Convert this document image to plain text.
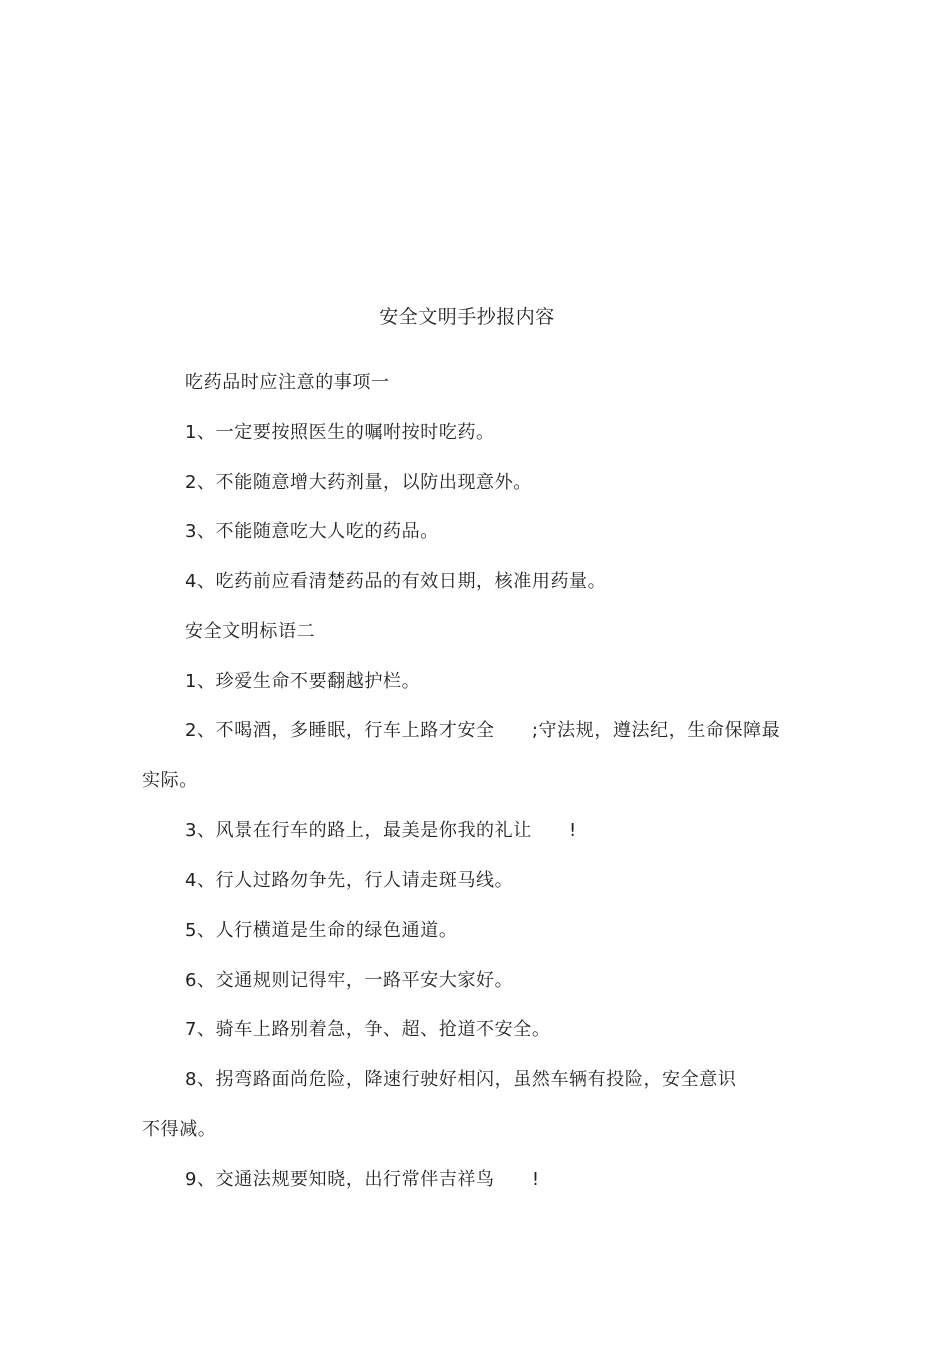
安全文明手抄报内容
吃药品时应注意的事项一
1、一定要按照医生的嘱咐按时吃药。
2、不能随意增大药剂量，以防出现意外。
3、不能随意吃大人吃的药品。
4、吃药前应看清楚药品的有效日期，核准用药量。
安全文明标语二
1、珍爱生命不要翻越护栏。
2、不喝酒，多睡眠，行车上路才安全　　;守法规，遵法纪，生命保障最
实际。
3、风景在行车的路上，最美是你我的礼让　　!
4、行人过路勿争先，行人请走斑马线。
5、人行横道是生命的绿色通道。
6、交通规则记得牢，一路平安大家好。
7、骑车上路别着急，争、超、抢道不安全。
8、拐弯路面尚危险，降速行驶好相闪，虽然车辆有投险，安全意识
不得减。
9、交通法规要知晓，出行常伴吉祥鸟　　!
